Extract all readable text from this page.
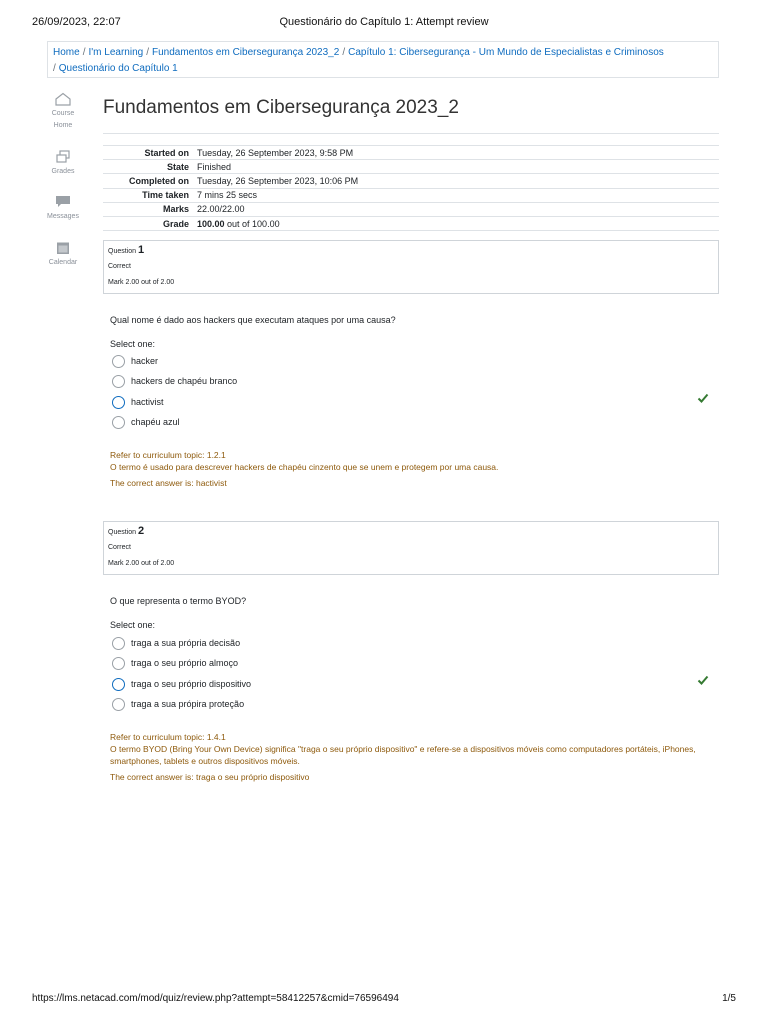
26/09/2023, 22:07	Questionário do Capítulo 1: Attempt review
Home / I'm Learning / Fundamentos em Cibersegurança 2023_2 / Capítulo 1: Cibersegurança - Um Mundo de Especialistas e Criminosos
/ Questionário do Capítulo 1
Course
Home
Grades
Messages
Calendar
Fundamentos em Cibersegurança 2023_2
Started on	Tuesday, 26 September 2023, 9:58 PM
State	Finished
Completed on	Tuesday, 26 September 2023, 10:06 PM
Time taken	7 mins 25 secs
Marks	22.00/22.00
Grade	100.00 out of 100.00
Question 1
Correct
Mark 2.00 out of 2.00
Qual nome é dado aos hackers que executam ataques por uma causa?
Select one:
hacker
hackers de chapéu branco
hactivist
chapéu azul
Refer to curriculum topic: 1.2.1
O termo é usado para descrever hackers de chapéu cinzento que se unem e protegem por uma causa.
The correct answer is: hactivist
Question 2
Correct
Mark 2.00 out of 2.00
O que representa o termo BYOD?
Select one:
traga a sua própria decisão
traga o seu próprio almoço
traga o seu próprio dispositivo
traga a sua própira proteção
Refer to curriculum topic: 1.4.1
O termo BYOD (Bring Your Own Device) significa "traga o seu próprio dispositivo" e refere-se a dispositivos móveis como computadores portáteis, iPhones, smartphones, tablets e outros dispositivos móveis.
The correct answer is: traga o seu próprio dispositivo
https://lms.netacad.com/mod/quiz/review.php?attempt=58412257&cmid=76596494	1/5
